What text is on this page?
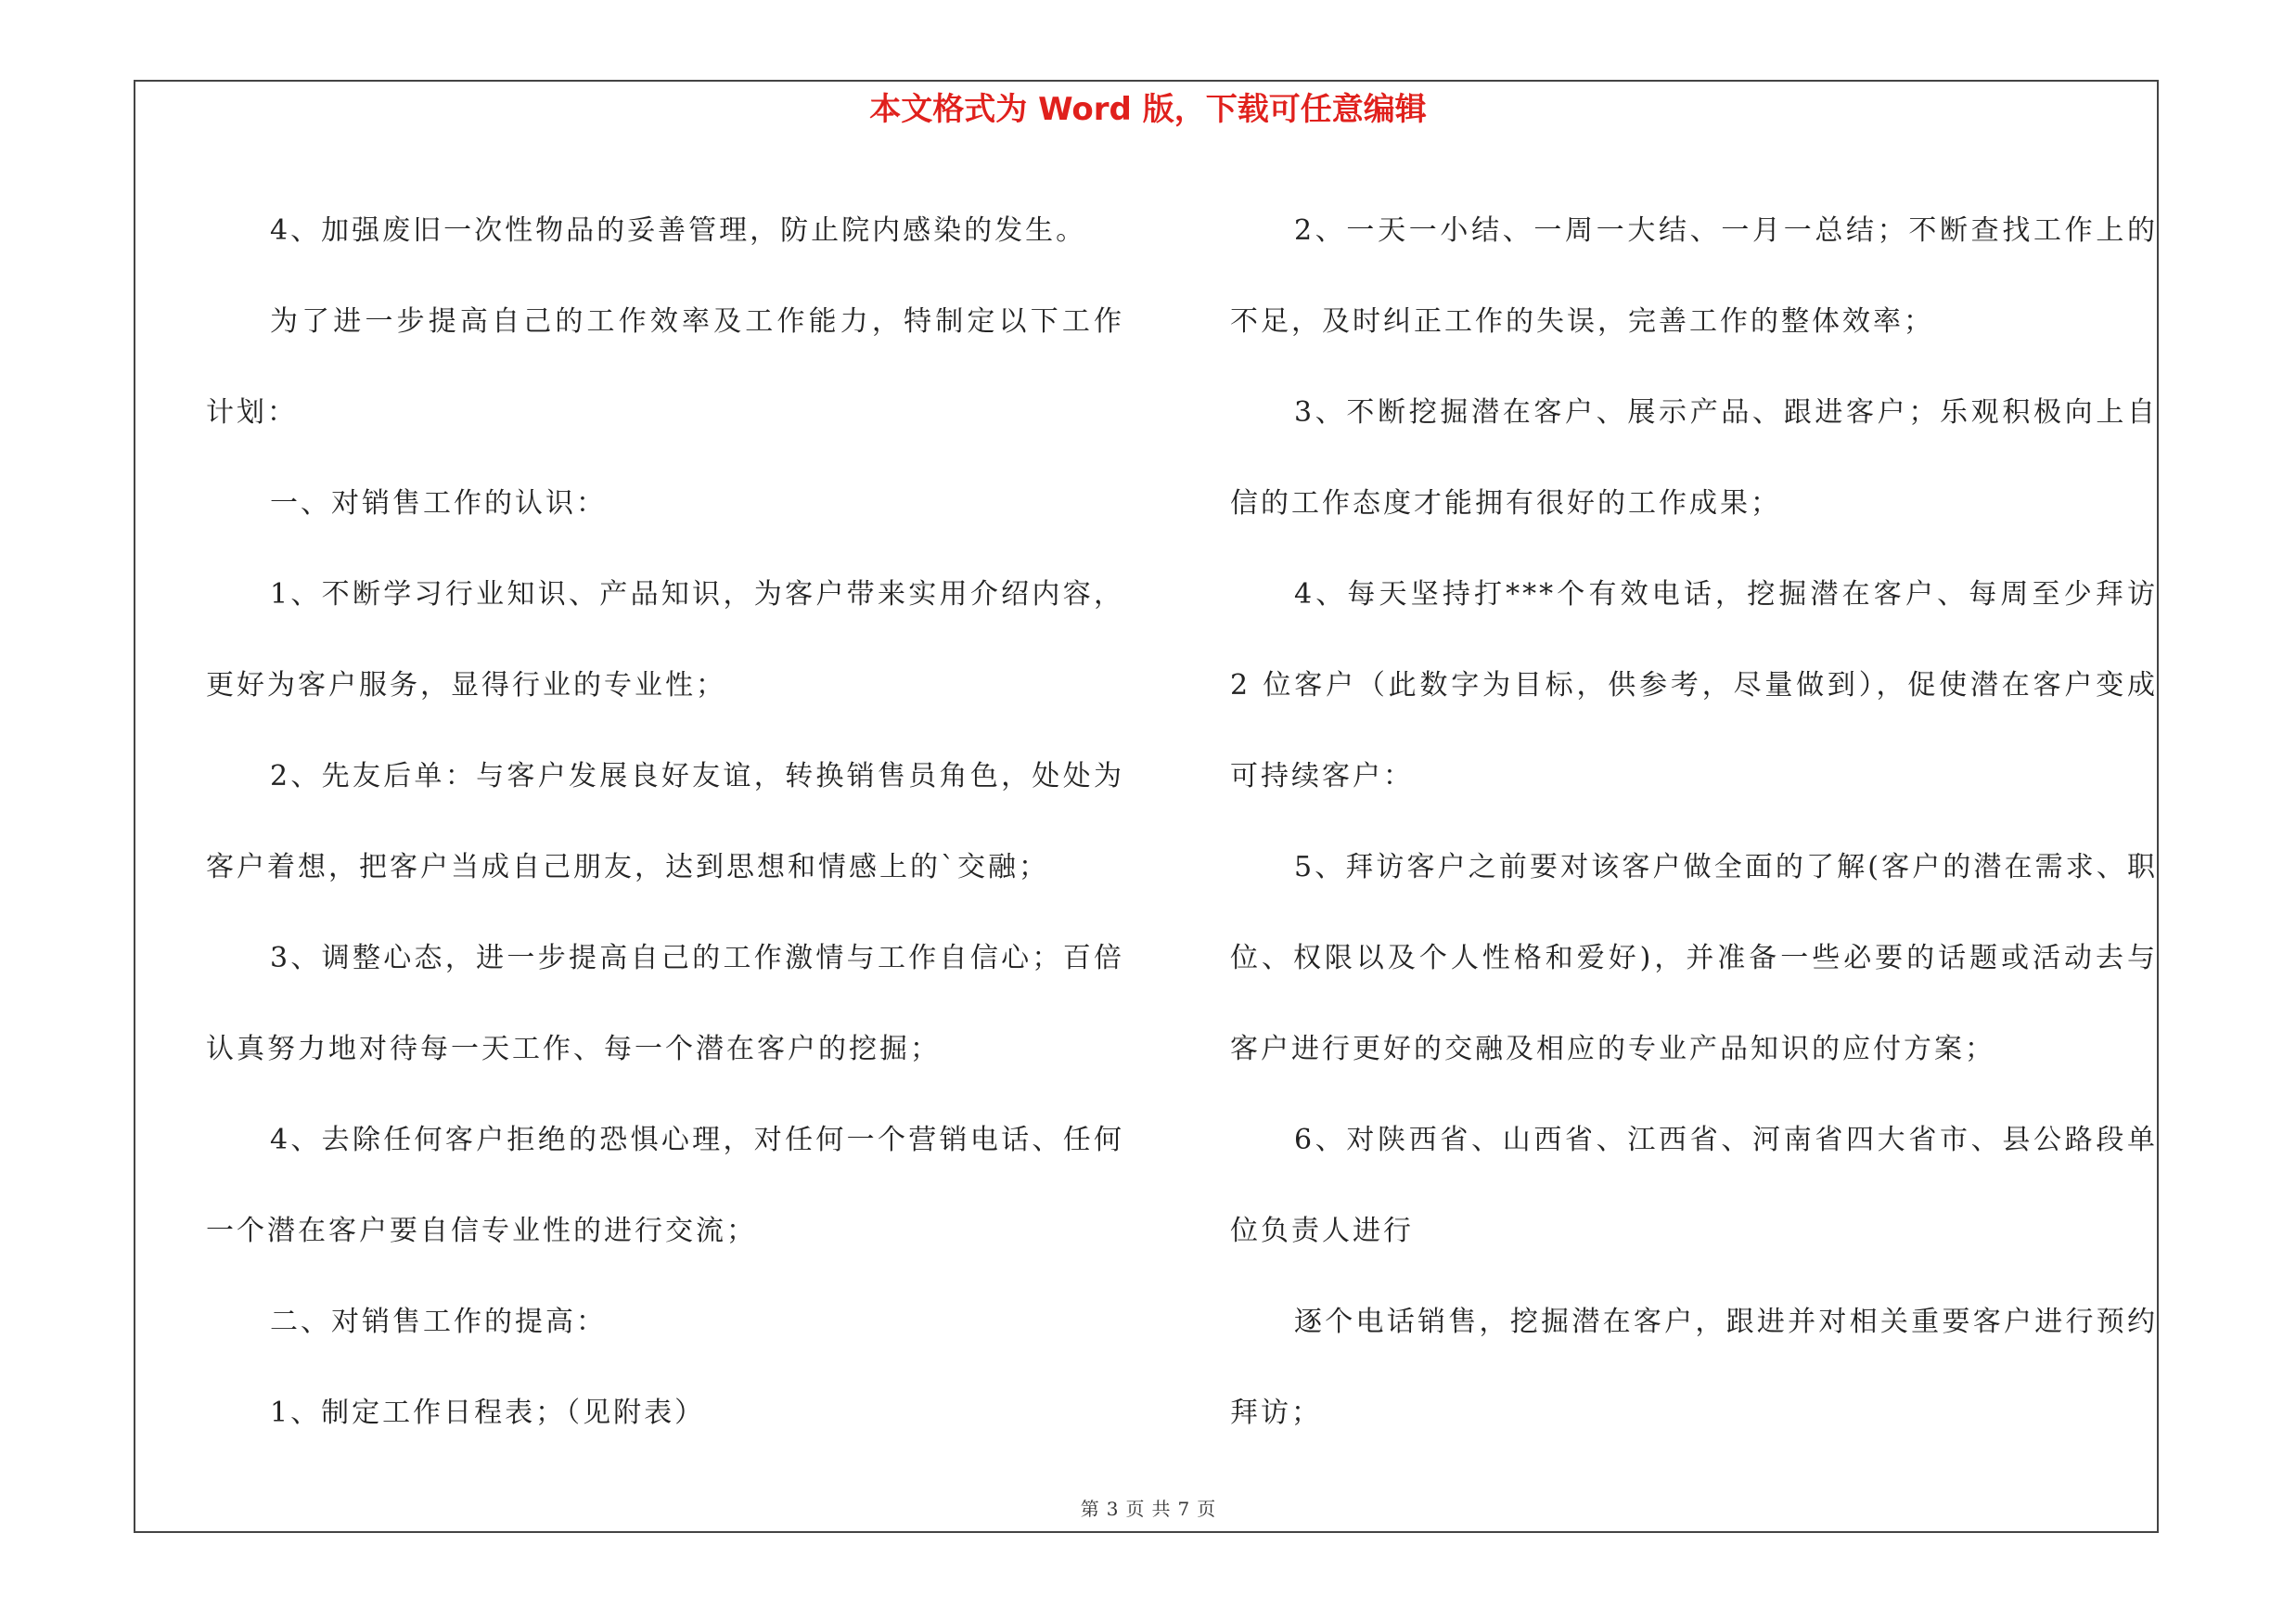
本文格式为 Word 版，下载可任意编辑

4、加强废旧一次性物品的妥善管理，防止院内感染的发生。

为了进一步提高自己的工作效率及工作能力，特制定以下工作计划：

一、对销售工作的认识：

1、不断学习行业知识、产品知识，为客户带来实用介绍内容，更好为客户服务，显得行业的专业性；

2、先友后单：与客户发展良好友谊，转换销售员角色，处处为客户着想，把客户当成自己朋友，达到思想和情感上的`交融；

3、调整心态，进一步提高自己的工作激情与工作自信心；百倍认真努力地对待每一天工作、每一个潜在客户的挖掘；

4、去除任何客户拒绝的恐惧心理，对任何一个营销电话、任何一个潜在客户要自信专业性的进行交流；

二、对销售工作的提高：

1、制定工作日程表；（见附表）

2、一天一小结、一周一大结、一月一总结；不断查找工作上的不足，及时纠正工作的失误，完善工作的整体效率；

3、不断挖掘潜在客户、展示产品、跟进客户；乐观积极向上自信的工作态度才能拥有很好的工作成果；

4、每天坚持打***个有效电话，挖掘潜在客户、每周至少拜访 2 位客户（此数字为目标，供参考，尽量做到），促使潜在客户变成可持续客户：

5、拜访客户之前要对该客户做全面的了解(客户的潜在需求、职位、权限以及个人性格和爱好)，并准备一些必要的话题或活动去与客户进行更好的交融及相应的专业产品知识的应付方案；

6、对陕西省、山西省、江西省、河南省四大省市、县公路段单位负责人进行

逐个电话销售，挖掘潜在客户，跟进并对相关重要客户进行预约拜访；

第 3 页 共 7 页
